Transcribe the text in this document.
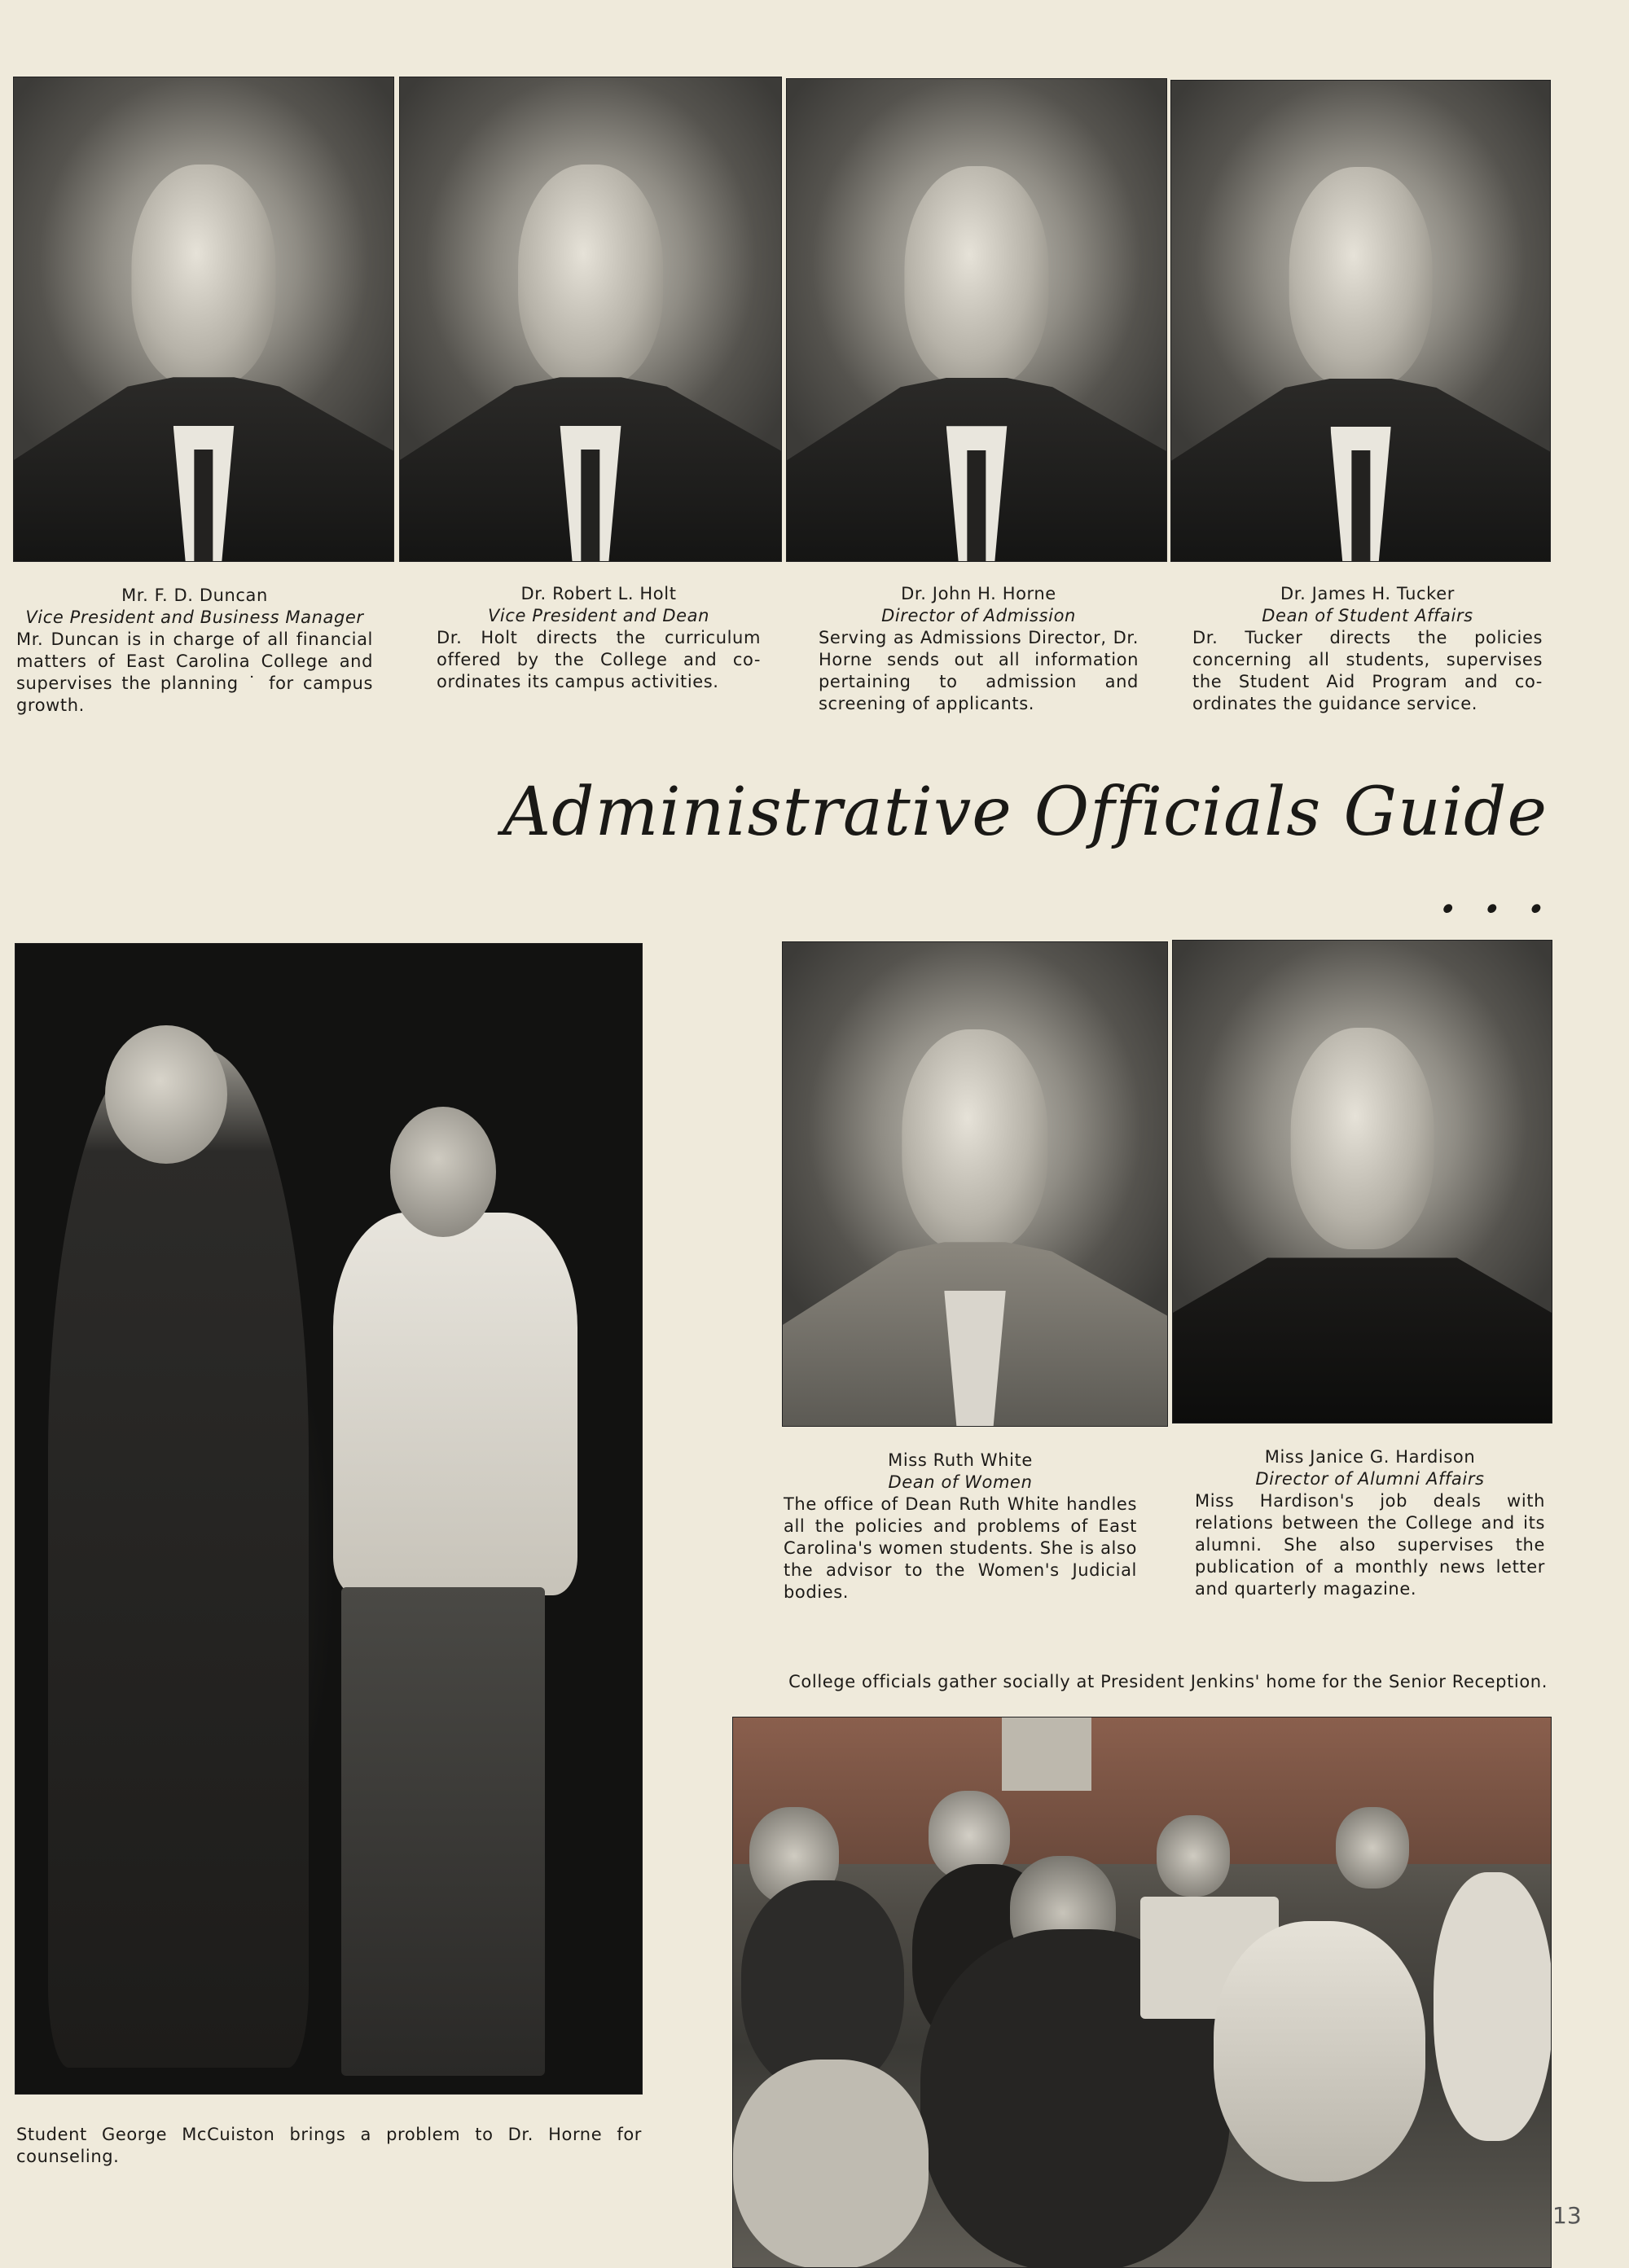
Mr. F. D. Duncan
Vice President and Business Manager
Mr. Duncan is in charge of all financial matters of East Carolina College and supervises the planning ˙ for campus growth.
Dr. Robert L. Holt
Vice President and Dean
Dr. Holt directs the curriculum offered by the College and co-ordinates its campus activities.
Dr. John H. Horne
Director of Admission
Serving as Admissions Director, Dr. Horne sends out all information pertaining to admission and screening of applicants.
Dr. James H. Tucker
Dean of Student Affairs
Dr. Tucker directs the policies concerning all students, supervises the Student Aid Program and co-ordinates the guidance service.
Administrative Officials Guide . . .
Student George McCuiston brings a problem to Dr. Horne for counseling.
Miss Ruth White
Dean of Women
The office of Dean Ruth White handles all the policies and problems of East Carolina's women students. She is also the advisor to the Women's Judicial bodies.
Miss Janice G. Hardison
Director of Alumni Affairs
Miss Hardison's job deals with relations between the College and its alumni. She also supervises the publication of a monthly news letter and quarterly magazine.
College officials gather socially at President Jenkins' home for the Senior Reception.
13
